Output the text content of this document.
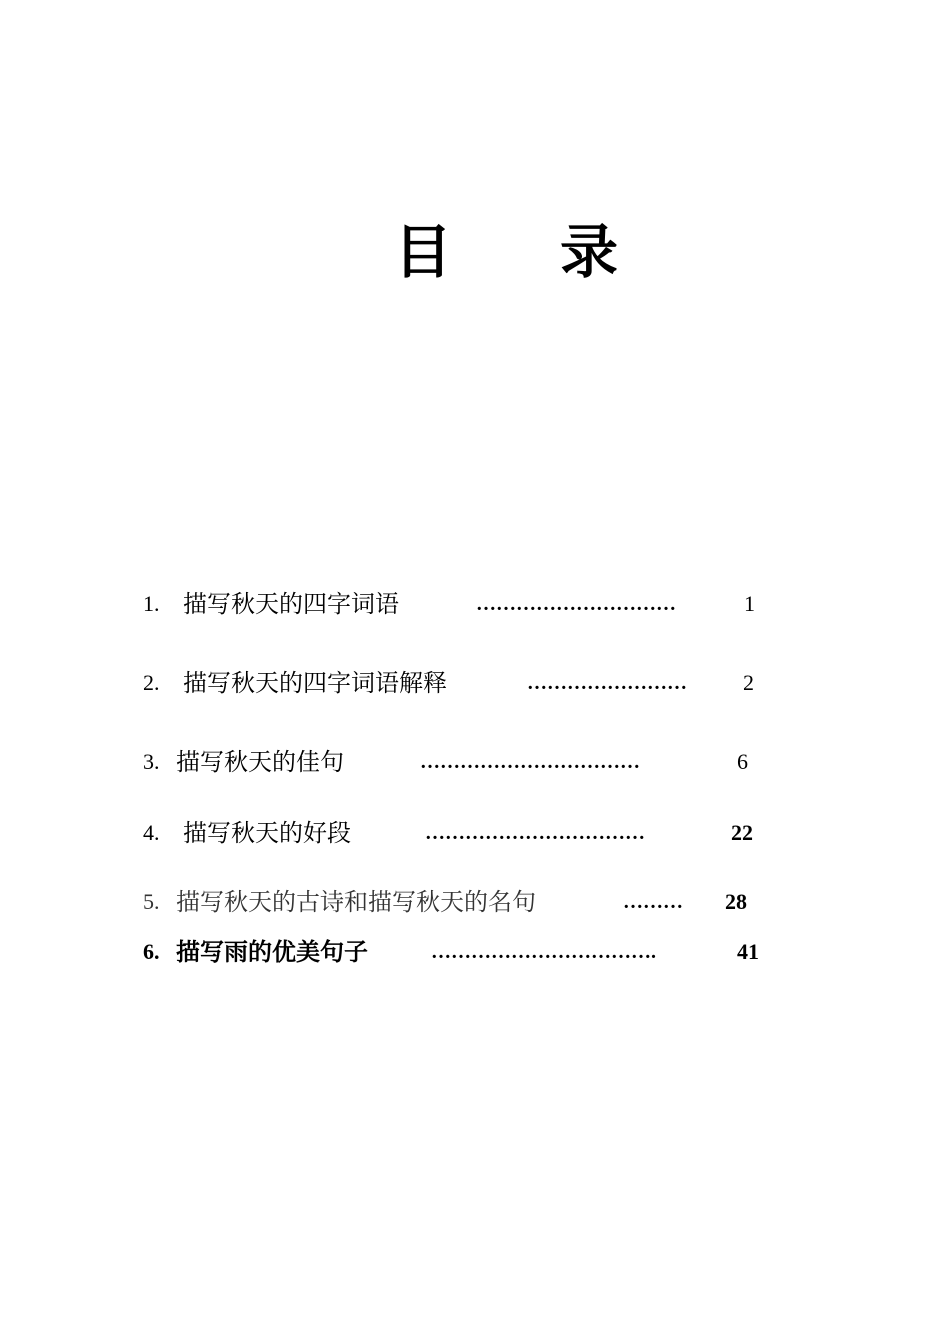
目 录
1. 描写秋天的四字词语	…………………………	1
2. 描写秋天的四字词语解释	……………………	2
3. 描写秋天的佳句	……………………………	6
4. 描写秋天的好段	……………………………	22
5. 描写秋天的古诗和描写秋天的名句	……… 28
6. 描写雨的优美句子	…………………………….	41
